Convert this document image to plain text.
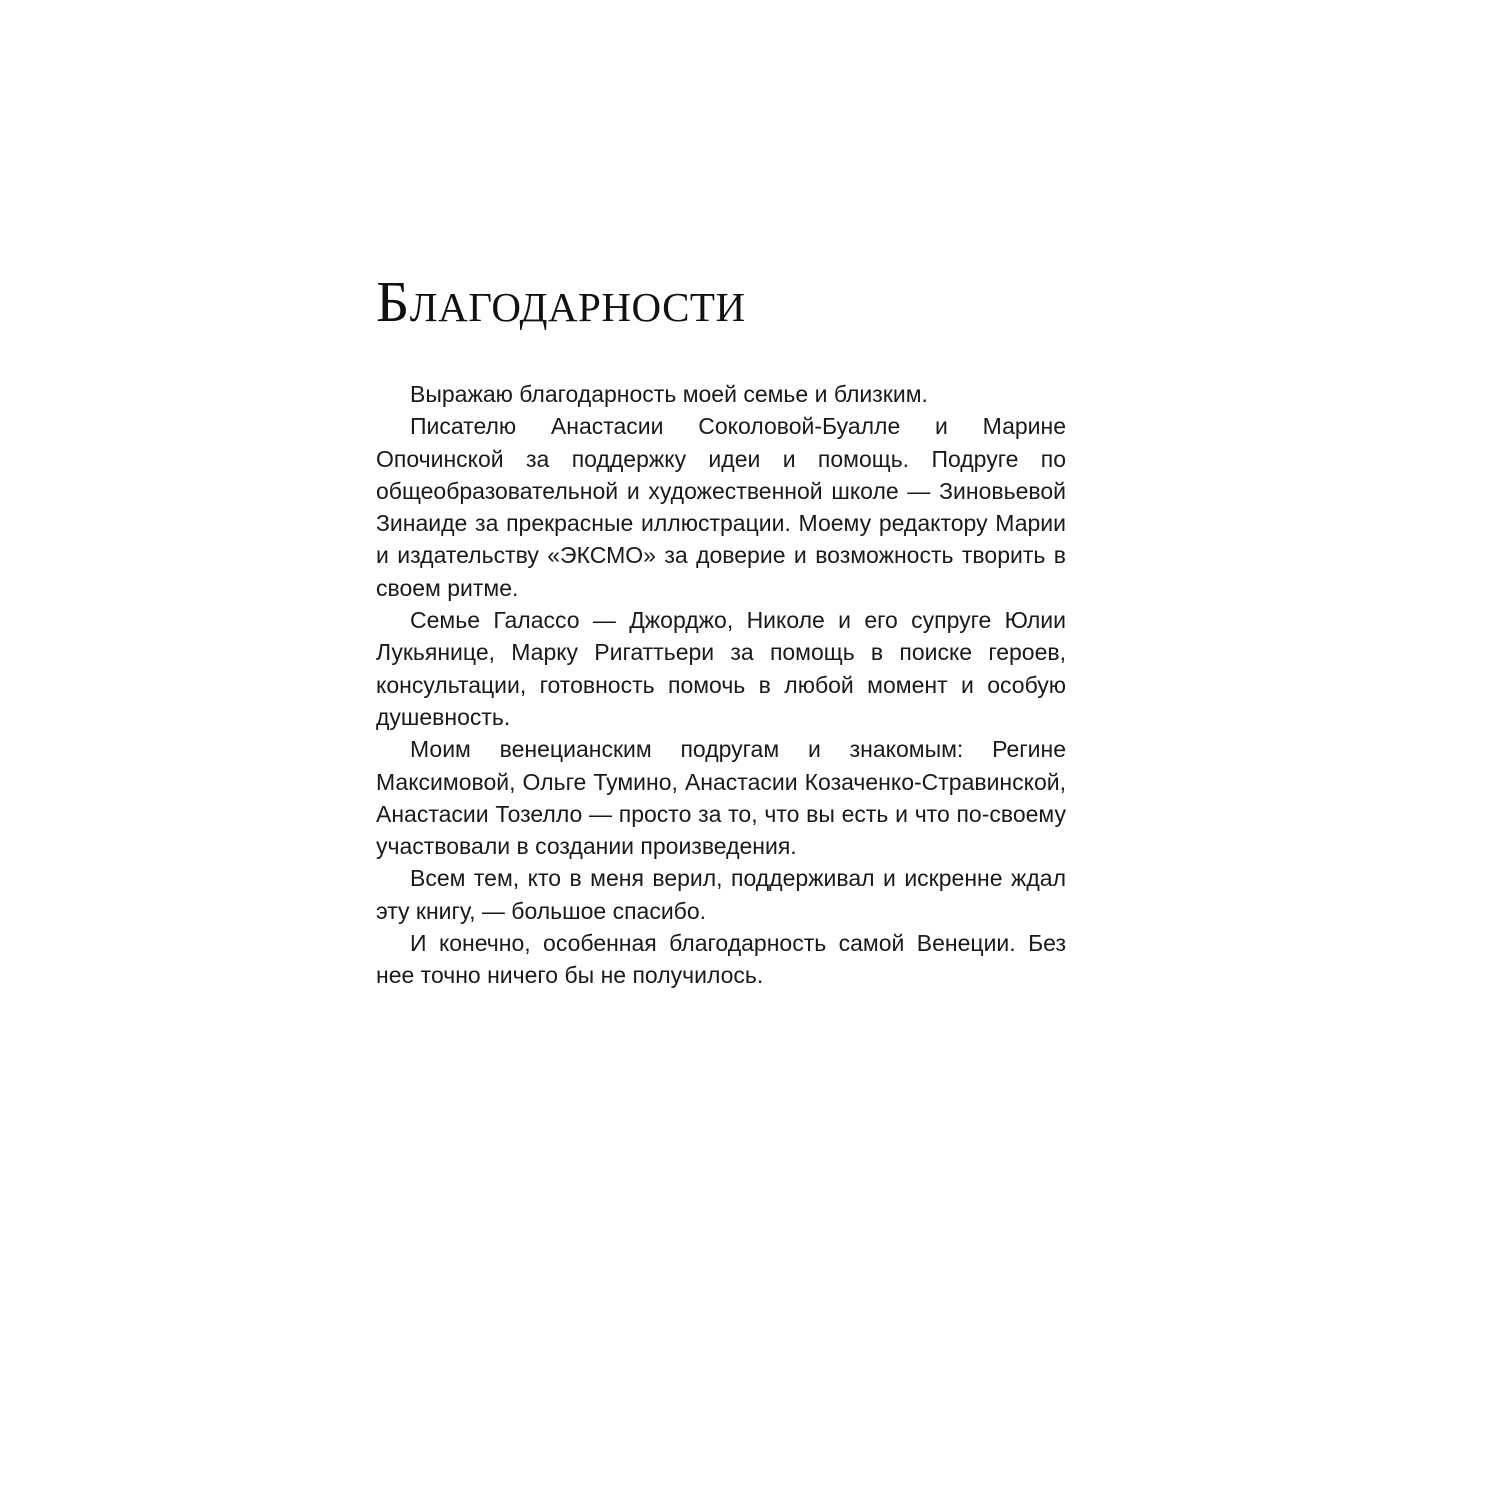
Благодарности

Выражаю благодарность моей семье и близким.

Писателю Анастасии Соколовой-Буалле и Марине Опочинской за поддержку идеи и помощь. Подруге по общеобразовательной и художественной школе — Зиновьевой Зинаиде за прекрасные иллюстрации. Моему редактору Марии и издательству «ЭКСМО» за доверие и возможность творить в своем ритме.

Семье Галассо — Джорджо, Николе и его супруге Юлии Лукьянице, Марку Ригаттьери за помощь в поиске героев, консультации, готовность помочь в любой момент и особую душевность.

Моим венецианским подругам и знакомым: Регине Максимовой, Ольге Тумино, Анастасии Козаченко-Стравинской, Анастасии Тозелло — просто за то, что вы есть и что по-своему участвовали в создании произведения.

Всем тем, кто в меня верил, поддерживал и искренне ждал эту книгу, — большое спасибо.

И конечно, особенная благодарность самой Венеции. Без нее точно ничего бы не получилось.
